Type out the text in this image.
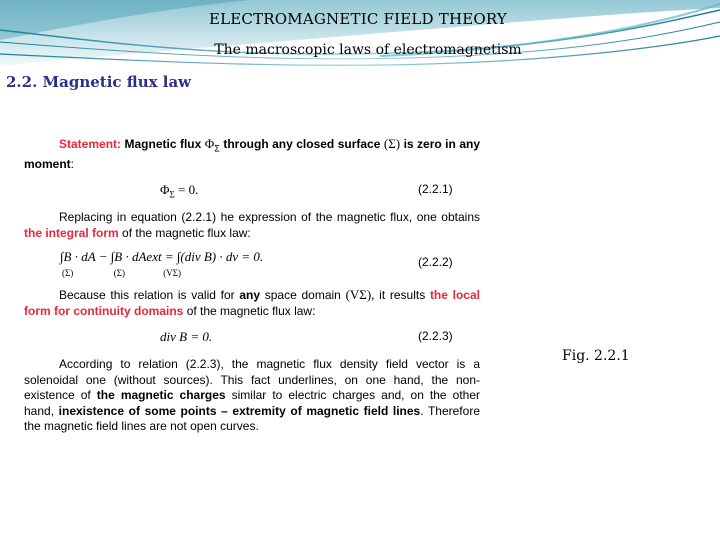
ELECTROMAGNETIC FIELD THEORY
The macroscopic laws of electromagnetism
2.2. Magnetic flux law

Statement: Magnetic flux $\Phi_\Sigma$ through any closed surface (Σ) is zero in any moment:

$\Phi_\Sigma = 0$.	(2.2.1)

Replacing in equation (2.2.1) he expression of the magnetic flux, one obtains the integral form of the magnetic flux law:

∫B · dA − ∫B · dAext = ∫(div B) · dv = 0.
(Σ)                  (Σ)                 (VΣ)
(2.2.2)

Because this relation is valid for any space domain (VΣ), it results the local form for continuity domains of the magnetic flux law:

div B = 0.	(2.2.3)

According to relation (2.2.3), the magnetic flux density field vector is a solenoidal one (without sources). This fact underlines, on one hand, the non-existence of the magnetic charges similar to electric charges and, on the other hand, inexistence of some points – extremity of magnetic field lines. Therefore the magnetic field lines are not open curves.

Fig. 2.2.1
